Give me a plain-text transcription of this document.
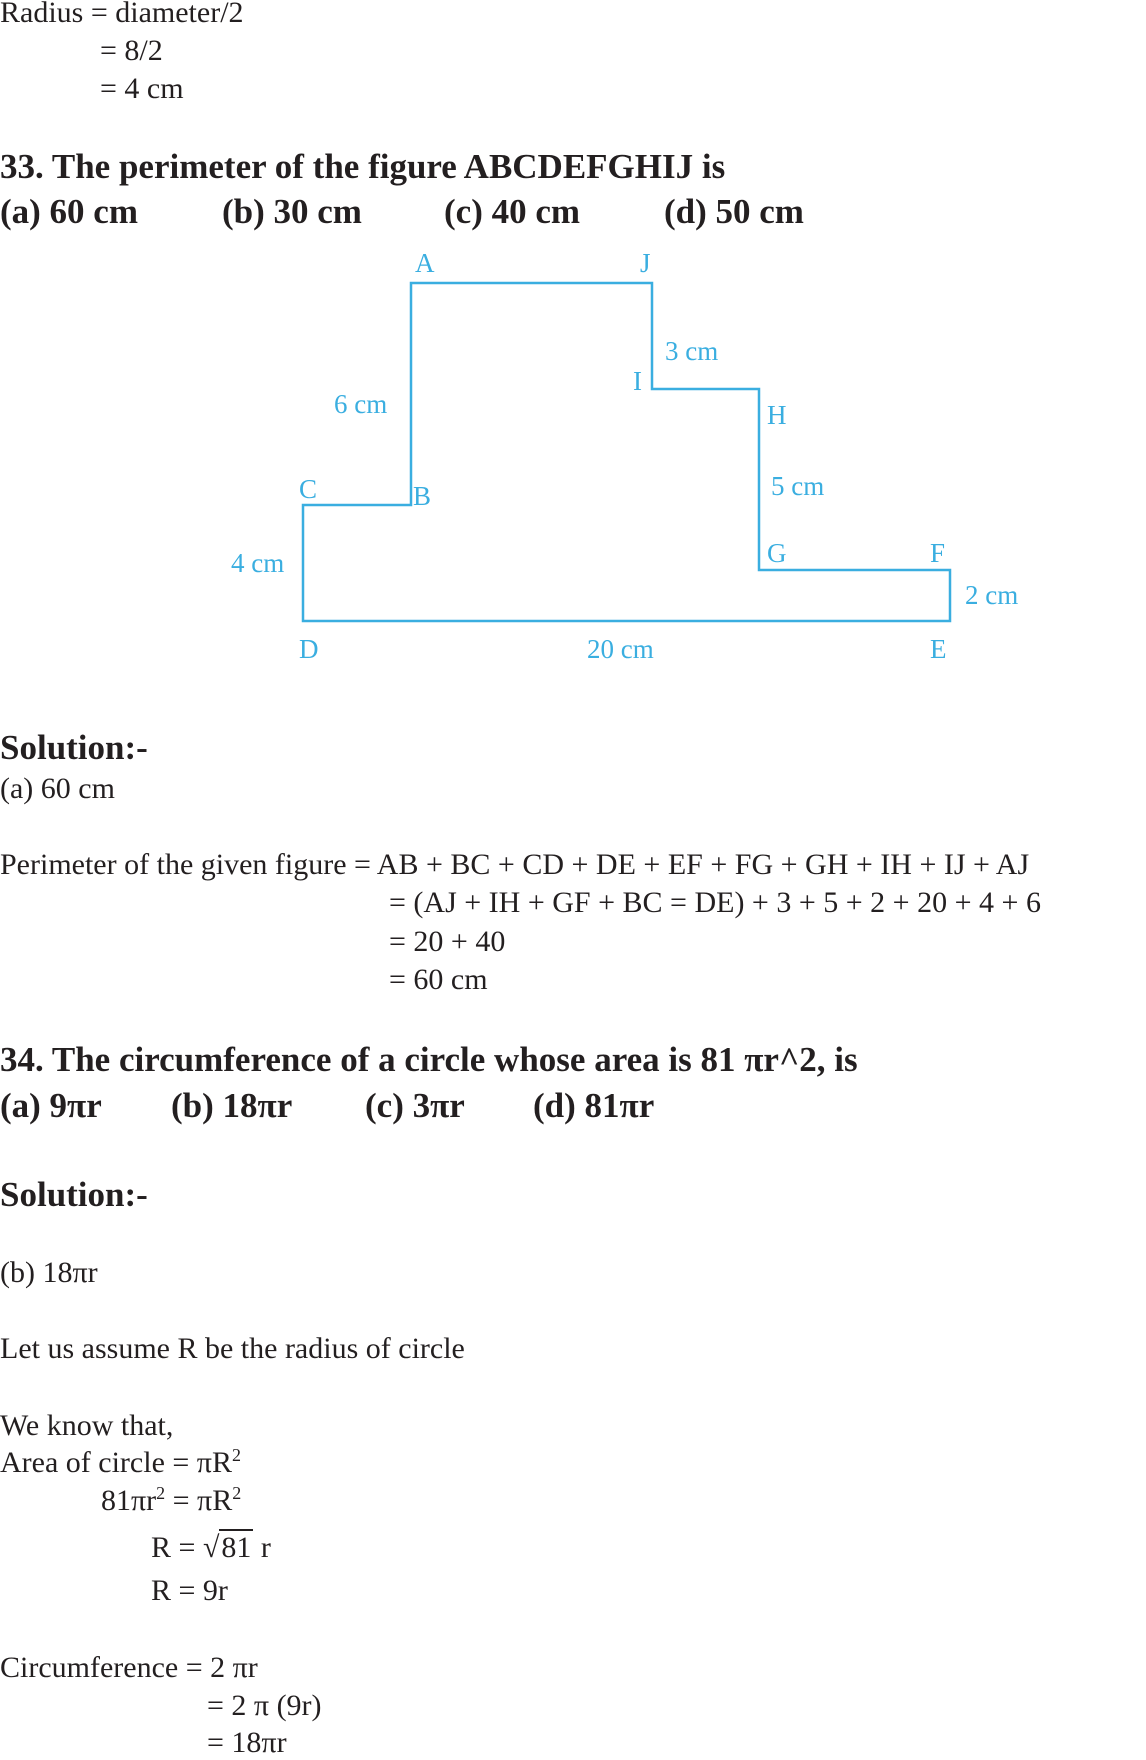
Radius = diameter/2
= 8/2
= 4 cm
33. The perimeter of the figure ABCDEFGHIJ is
(a) 60 cm (b) 30 cm (c) 40 cm (d) 50 cm
A	J
I
H
C	B
G	F
D	E
3 cm
6 cm
5 cm
4 cm
2 cm
20 cm
Solution:-
(a) 60 cm
Perimeter of the given figure = AB + BC + CD + DE + EF + FG + GH + IH + IJ + AJ
= (AJ + IH + GF + BC = DE) + 3 + 5 + 2 + 20 + 4 + 6
= 20 + 40
= 60 cm
34. The circumference of a circle whose area is 81 πr^2, is
(a) 9πr (b) 18πr (c) 3πr (d) 81πr
Solution:-
(b) 18πr
Let us assume R be the radius of circle
We know that,
Area of circle = $\pi R^2$
$81\pi r^2 = \pi R^2$
R = √81 r
R = 9r
Circumference = 2 πr
= 2 π (9r)
= 18πr
